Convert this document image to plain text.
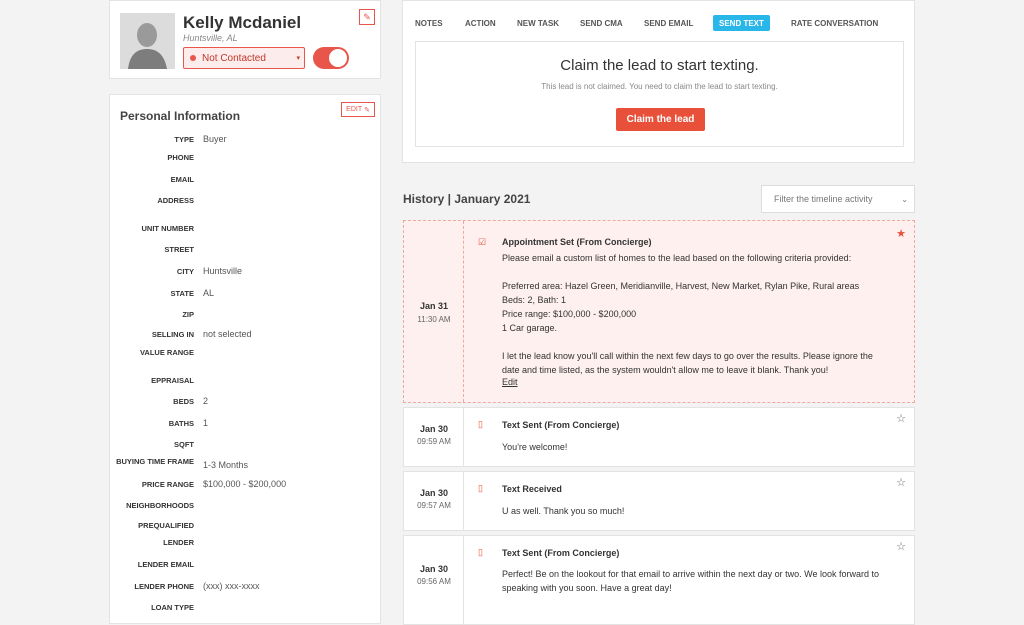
Kelly Mcdaniel
Huntsville, AL
Not Contacted	▾
✎
Personal Information	EDIT ✎
TYPE Buyer
PHONE
EMAIL
ADDRESS
UNIT NUMBER
STREET
CITY Huntsville
STATE AL
ZIP
SELLING IN not selected
VALUE RANGE
EPPRAISAL
BEDS 2
BATHS 1
SQFT
BUYING TIME FRAME 1-3 Months
PRICE RANGE $100,000 - $200,000
NEIGHBORHOODS
PREQUALIFIED
LENDER
LENDER EMAIL
LENDER PHONE (xxx) xxx-xxxx
LOAN TYPE
NOTES	ACTION	NEW TASK	SEND CMA	SEND EMAIL	SEND TEXT	RATE CONVERSATION
Claim the lead to start texting.
This lead is not claimed. You need to claim the lead to start texting.
Claim the lead
History | January 2021	Filter the timeline activity	⌄
Jan 31
11:30 AM
☑ Appointment Set (From Concierge)
Please email a custom list of homes to the lead based on the following criteria provided:

Preferred area: Hazel Green, Meridianville, Harvest, New Market, Rylan Pike, Rural areas
Beds: 2, Bath: 1
Price range: $100,000 - $200,000
1 Car garage.

I let the lead know you'll call within the next few days to go over the results. Please ignore the date and time listed, as the system wouldn't allow me to leave it blank. Thank you!
Edit
★
Jan 30
09:59 AM
▯ Text Sent (From Concierge)
You're welcome!
☆
Jan 30
09:57 AM
▯ Text Received
U as well. Thank you so much!
☆
Jan 30
09:56 AM
▯ Text Sent (From Concierge)
Perfect! Be on the lookout for that email to arrive within the next day or two. We look forward to speaking with you soon. Have a great day!
☆
